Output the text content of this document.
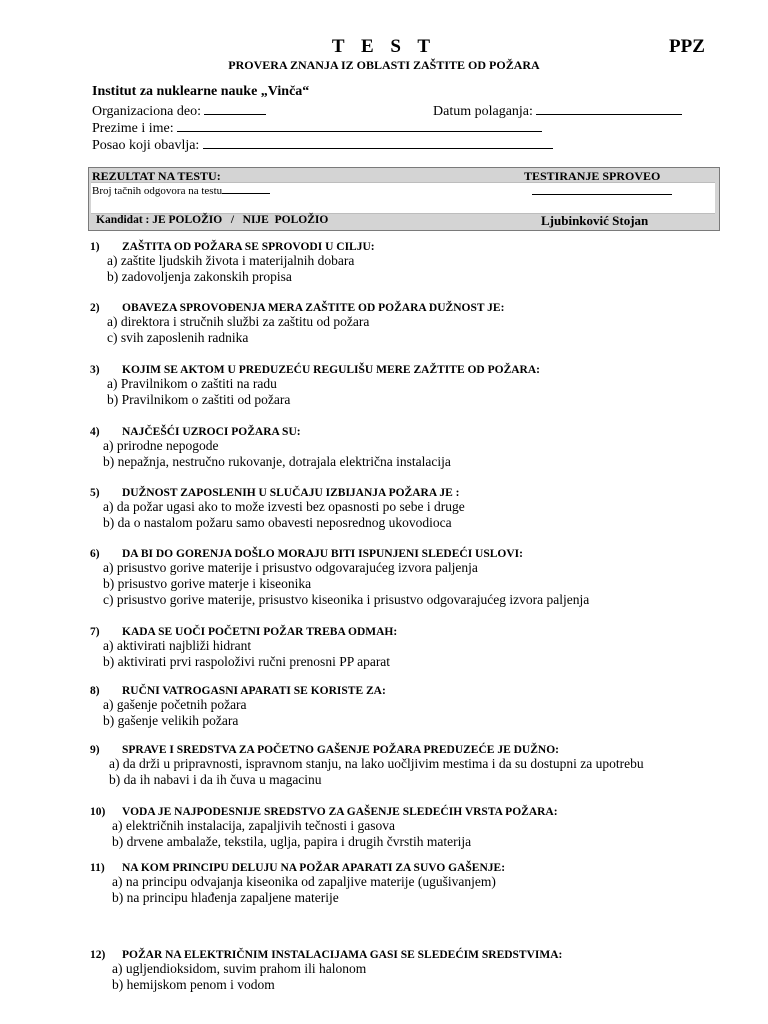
T E S T	PPZ
PROVERA ZNANJA IZ OBLASTI ZAŠTITE OD POŽARA
Institut za nuklearne nauke „Vinča“
Organizaciona deo:	Datum polaganja:
Prezime i ime:
Posao koji obavlja:
REZULTAT NA TESTU:	TESTIRANJE SPROVEO
Broj tačnih odgovora na testu
Kandidat : JE POLOŽIO   /   NIJE  POLOŽIO	Ljubinković Stojan
1) ZAŠTITA OD POŽARA SE SPROVODI U CILJU:
a) zaštite ljudskih života i materijalnih dobara
b) zadovoljenja zakonskih propisa
2) OBAVEZA SPROVOĐENJA MERA ZAŠTITE OD POŽARA DUŽNOST JE:
a) direktora i stručnih službi za zaštitu od požara
c) svih zaposlenih radnika
3) KOJIM SE AKTOM U PREDUZEĆU REGULIŠU MERE ZAŽTITE OD POŽARA:
a) Pravilnikom o zaštiti na radu
b) Pravilnikom o zaštiti od požara
4) NAJČEŠĆI UZROCI POŽARA SU:
a) prirodne nepogode
b) nepažnja, nestručno rukovanje, dotrajala električna instalacija
5) DUŽNOST ZAPOSLENIH U SLUČAJU IZBIJANJA POŽARA JE :
a) da požar ugasi ako to može izvesti bez opasnosti po sebe i druge
b) da o nastalom požaru samo obavesti neposrednog ukovodioca
6) DA BI DO GORENJA DOŠLO MORAJU BITI ISPUNJENI SLEDEĆI USLOVI:
a) prisustvo gorive materije i prisustvo odgovarajućeg izvora paljenja
b) prisustvo gorive materje i kiseonika
c) prisustvo gorive materije, prisustvo kiseonika i prisustvo odgovarajućeg izvora paljenja
7) KADA SE UOČI POČETNI POŽAR TREBA ODMAH:
a) aktivirati najbliži hidrant
b) aktivirati prvi raspoloživi ručni prenosni PP aparat
8) RUČNI VATROGASNI APARATI SE KORISTE ZA:
a) gašenje početnih požara
b) gašenje velikih požara
9) SPRAVE I SREDSTVA ZA POČETNO GAŠENJE POŽARA PREDUZEĆE JE DUŽNO:
a) da drži u pripravnosti, ispravnom stanju, na lako uočljivim mestima i da su dostupni za upotrebu
b) da ih nabavi i da ih čuva u magacinu
10) VODA JE NAJPODESNIJE SREDSTVO ZA GAŠENJE SLEDEĆIH VRSTA POŽARA:
a) električnih instalacija, zapaljivih tečnosti i gasova
b) drvene ambalaže, tekstila, uglja, papira i drugih čvrstih materija
11) NA KOM PRINCIPU DELUJU NA POŽAR APARATI ZA SUVO GAŠENJE:
a) na principu odvajanja kiseonika od zapaljive materije (ugušivanjem)
b) na principu hlađenja zapaljene materije
12) POŽAR NA ELEKTRIČNIM INSTALACIJAMA GASI SE SLEDEĆIM SREDSTVIMA:
a) ugljendioksidom, suvim prahom ili halonom
b) hemijskom penom i vodom
